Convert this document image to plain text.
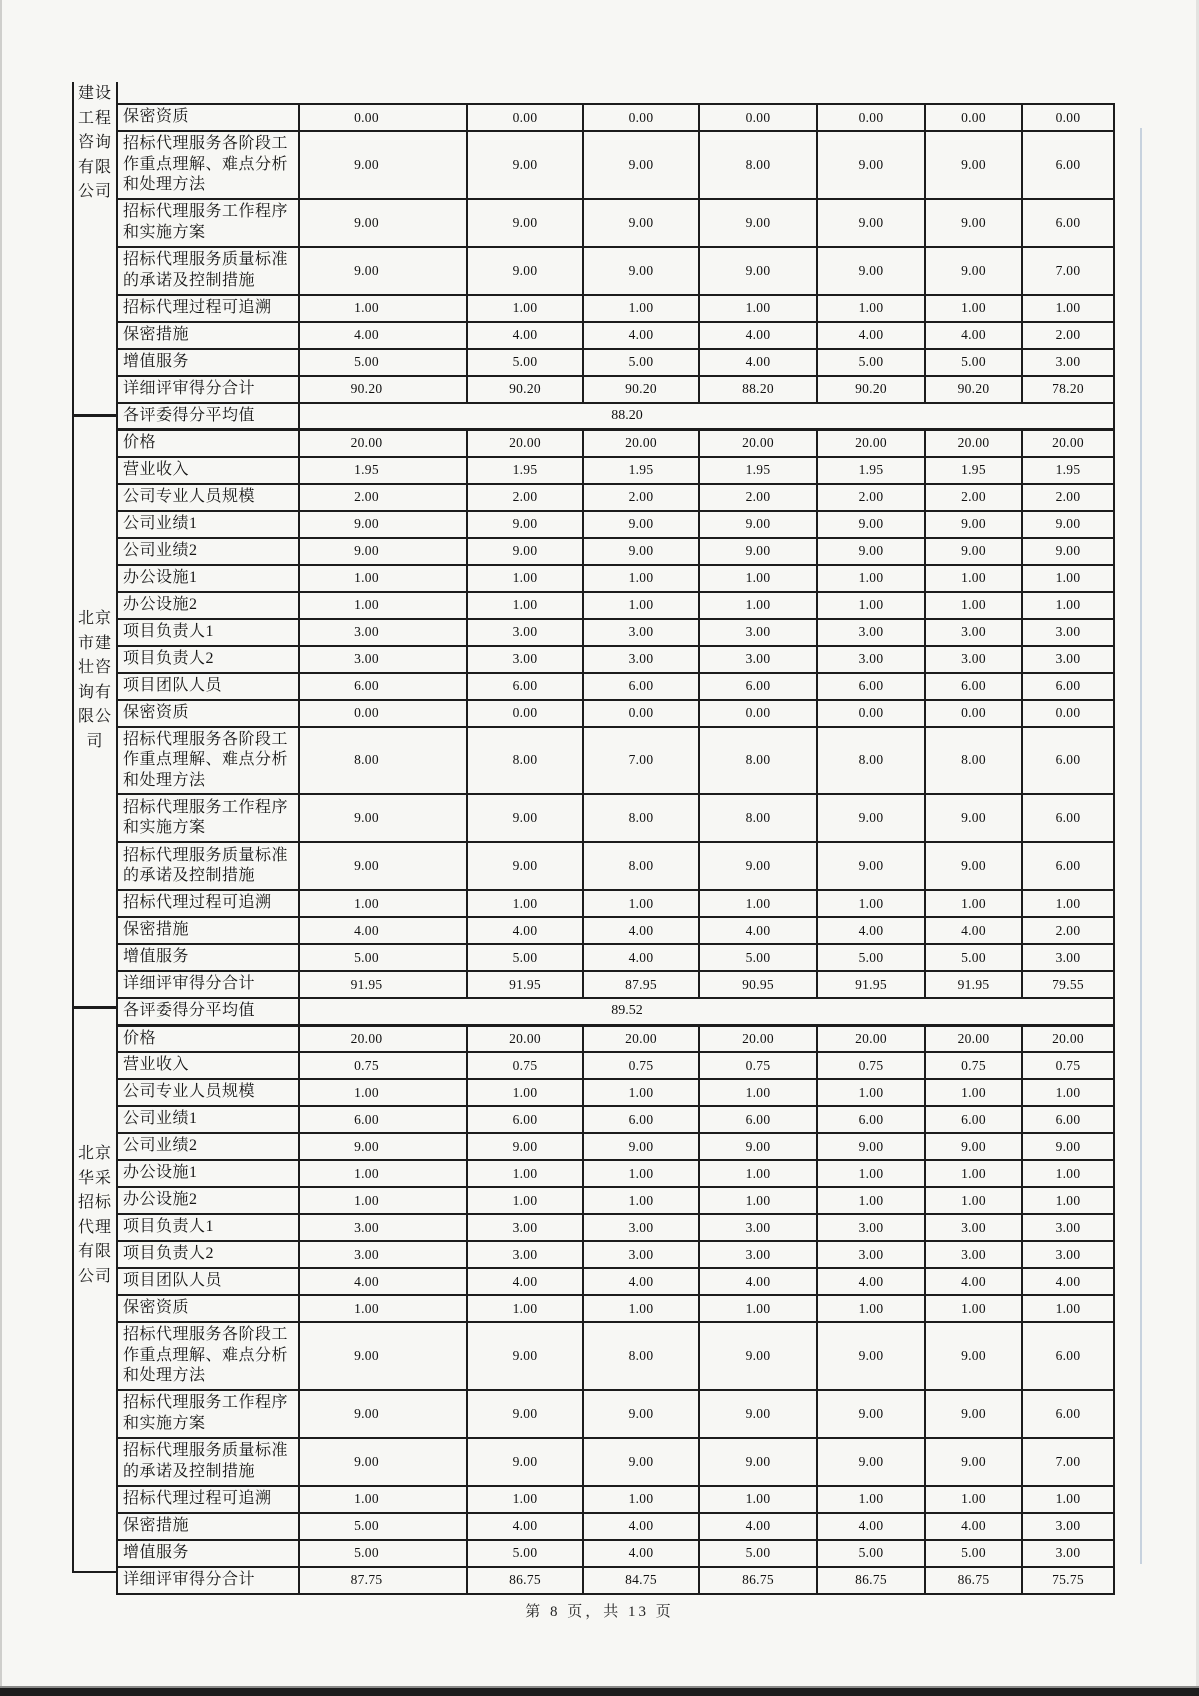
建设
工程
咨询
有限
公司
北京
市建
壮咨
询有
限公
司
北京
华采
招标
代理
有限
公司
保密资质	0.00	0.00	0.00	0.00	0.00	0.00	0.00
招标代理服务各阶段工作重点理解、难点分析和处理方法	9.00	9.00	9.00	8.00	9.00	9.00	6.00
招标代理服务工作程序和实施方案	9.00	9.00	9.00	9.00	9.00	9.00	6.00
招标代理服务质量标准的承诺及控制措施	9.00	9.00	9.00	9.00	9.00	9.00	7.00
招标代理过程可追溯	1.00	1.00	1.00	1.00	1.00	1.00	1.00
保密措施	4.00	4.00	4.00	4.00	4.00	4.00	2.00
增值服务	5.00	5.00	5.00	4.00	5.00	5.00	3.00
详细评审得分合计	90.20	90.20	90.20	88.20	90.20	90.20	78.20
各评委得分平均值	88.20						
价格	20.00	20.00	20.00	20.00	20.00	20.00	20.00
营业收入	1.95	1.95	1.95	1.95	1.95	1.95	1.95
公司专业人员规模	2.00	2.00	2.00	2.00	2.00	2.00	2.00
公司业绩1	9.00	9.00	9.00	9.00	9.00	9.00	9.00
公司业绩2	9.00	9.00	9.00	9.00	9.00	9.00	9.00
办公设施1	1.00	1.00	1.00	1.00	1.00	1.00	1.00
办公设施2	1.00	1.00	1.00	1.00	1.00	1.00	1.00
项目负责人1	3.00	3.00	3.00	3.00	3.00	3.00	3.00
项目负责人2	3.00	3.00	3.00	3.00	3.00	3.00	3.00
项目团队人员	6.00	6.00	6.00	6.00	6.00	6.00	6.00
保密资质	0.00	0.00	0.00	0.00	0.00	0.00	0.00
招标代理服务各阶段工作重点理解、难点分析和处理方法	8.00	8.00	7.00	8.00	8.00	8.00	6.00
招标代理服务工作程序和实施方案	9.00	9.00	8.00	8.00	9.00	9.00	6.00
招标代理服务质量标准的承诺及控制措施	9.00	9.00	8.00	9.00	9.00	9.00	6.00
招标代理过程可追溯	1.00	1.00	1.00	1.00	1.00	1.00	1.00
保密措施	4.00	4.00	4.00	4.00	4.00	4.00	2.00
增值服务	5.00	5.00	4.00	5.00	5.00	5.00	3.00
详细评审得分合计	91.95	91.95	87.95	90.95	91.95	91.95	79.55
各评委得分平均值	89.52						
价格	20.00	20.00	20.00	20.00	20.00	20.00	20.00
营业收入	0.75	0.75	0.75	0.75	0.75	0.75	0.75
公司专业人员规模	1.00	1.00	1.00	1.00	1.00	1.00	1.00
公司业绩1	6.00	6.00	6.00	6.00	6.00	6.00	6.00
公司业绩2	9.00	9.00	9.00	9.00	9.00	9.00	9.00
办公设施1	1.00	1.00	1.00	1.00	1.00	1.00	1.00
办公设施2	1.00	1.00	1.00	1.00	1.00	1.00	1.00
项目负责人1	3.00	3.00	3.00	3.00	3.00	3.00	3.00
项目负责人2	3.00	3.00	3.00	3.00	3.00	3.00	3.00
项目团队人员	4.00	4.00	4.00	4.00	4.00	4.00	4.00
保密资质	1.00	1.00	1.00	1.00	1.00	1.00	1.00
招标代理服务各阶段工作重点理解、难点分析和处理方法	9.00	9.00	8.00	9.00	9.00	9.00	6.00
招标代理服务工作程序和实施方案	9.00	9.00	9.00	9.00	9.00	9.00	6.00
招标代理服务质量标准的承诺及控制措施	9.00	9.00	9.00	9.00	9.00	9.00	7.00
招标代理过程可追溯	1.00	1.00	1.00	1.00	1.00	1.00	1.00
保密措施	5.00	4.00	4.00	4.00	4.00	4.00	3.00
增值服务	5.00	5.00	4.00	5.00	5.00	5.00	3.00
详细评审得分合计	87.75	86.75	84.75	86.75	86.75	86.75	75.75
第 8 页，共 13 页
